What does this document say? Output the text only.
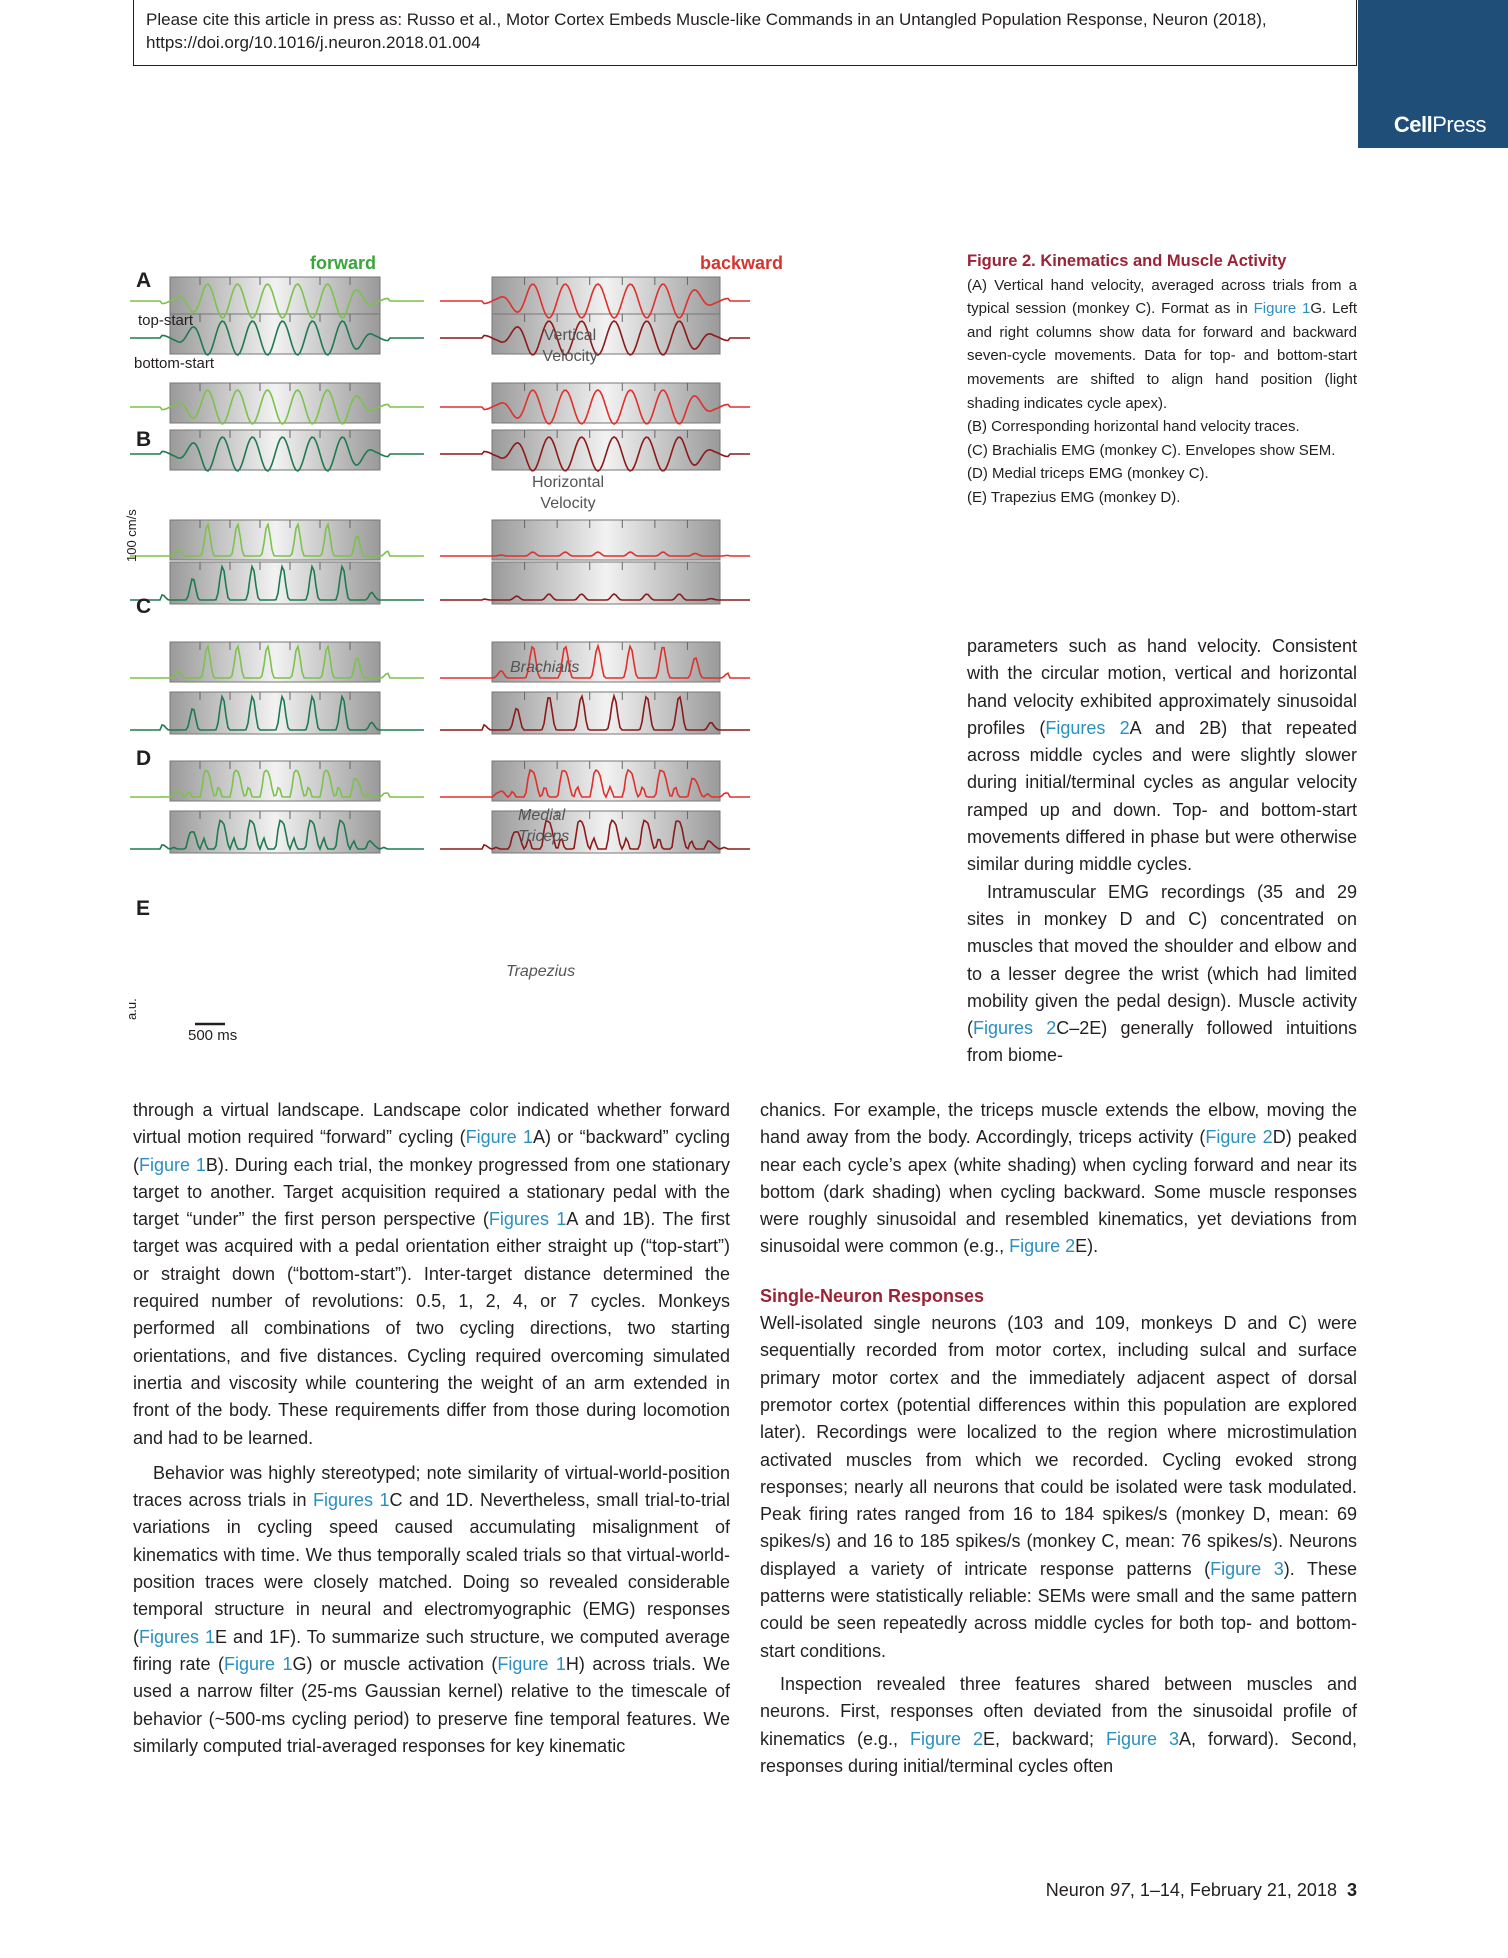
Please cite this article in press as: Russo et al., Motor Cortex Embeds Muscle-like Commands in an Untangled Population Response, Neuron (2018), https://doi.org/10.1016/j.neuron.2018.01.004
CellPress
forward	backward
A
B
C
D
E
top-start
bottom-start
Vertical
Velocity
Horizontal
Velocity
Brachialis
Medial
Triceps
Trapezius
100 cm/s
a.u.
500 ms

Figure 2. Kinematics and Muscle Activity

(A) Vertical hand velocity, averaged across trials from a typical session (monkey C). Format as in Figure 1G. Left and right columns show data for forward and backward seven-cycle movements. Data for top- and bottom-start movements are shifted to align hand position (light shading indicates cycle apex).

(B) Corresponding horizontal hand velocity traces.

(C) Brachialis EMG (monkey C). Envelopes show SEM.

(D) Medial triceps EMG (monkey C).

(E) Trapezius EMG (monkey D).

parameters such as hand velocity. Consistent with the circular motion, vertical and horizontal hand velocity exhibited approximately sinusoidal profiles (Figures 2A and 2B) that repeated across middle cycles and were slightly slower during initial/terminal cycles as angular velocity ramped up and down. Top- and bottom-start movements differed in phase but were otherwise similar during middle cycles.

Intramuscular EMG recordings (35 and 29 sites in monkey D and C) concentrated on muscles that moved the shoulder and elbow and to a lesser degree the wrist (which had limited mobility given the pedal design). Muscle activity (Figures 2C–2E) generally followed intuitions from biome-

through a virtual landscape. Landscape color indicated whether forward virtual motion required “forward” cycling (Figure 1A) or “backward” cycling (Figure 1B). During each trial, the monkey progressed from one stationary target to another. Target acquisition required a stationary pedal with the target “under” the first person perspective (Figures 1A and 1B). The first target was acquired with a pedal orientation either straight up (“top-start”) or straight down (“bottom-start”). Inter-target distance determined the required number of revolutions: 0.5, 1, 2, 4, or 7 cycles. Monkeys performed all combinations of two cycling directions, two starting orientations, and five distances. Cycling required overcoming simulated inertia and viscosity while countering the weight of an arm extended in front of the body. These requirements differ from those during locomotion and had to be learned.

Behavior was highly stereotyped; note similarity of virtual-world-position traces across trials in Figures 1C and 1D. Nevertheless, small trial-to-trial variations in cycling speed caused accumulating misalignment of kinematics with time. We thus temporally scaled trials so that virtual-world-position traces were closely matched. Doing so revealed considerable temporal structure in neural and electromyographic (EMG) responses (Figures 1E and 1F). To summarize such structure, we computed average firing rate (Figure 1G) or muscle activation (Figure 1H) across trials. We used a narrow filter (25-ms Gaussian kernel) relative to the timescale of behavior (~500-ms cycling period) to preserve fine temporal features. We similarly computed trial-averaged responses for key kinematic

chanics. For example, the triceps muscle extends the elbow, moving the hand away from the body. Accordingly, triceps activity (Figure 2D) peaked near each cycle’s apex (white shading) when cycling forward and near its bottom (dark shading) when cycling backward. Some muscle responses were roughly sinusoidal and resembled kinematics, yet deviations from sinusoidal were common (e.g., Figure 2E).

Single-Neuron Responses

Well-isolated single neurons (103 and 109, monkeys D and C) were sequentially recorded from motor cortex, including sulcal and surface primary motor cortex and the immediately adjacent aspect of dorsal premotor cortex (potential differences within this population are explored later). Recordings were localized to the region where microstimulation activated muscles from which we recorded. Cycling evoked strong responses; nearly all neurons that could be isolated were task modulated. Peak firing rates ranged from 16 to 184 spikes/s (monkey D, mean: 69 spikes/s) and 16 to 185 spikes/s (monkey C, mean: 76 spikes/s). Neurons displayed a variety of intricate response patterns (Figure 3). These patterns were statistically reliable: SEMs were small and the same pattern could be seen repeatedly across middle cycles for both top- and bottom-start conditions.

Inspection revealed three features shared between muscles and neurons. First, responses often deviated from the sinusoidal profile of kinematics (e.g., Figure 2E, backward; Figure 3A, forward). Second, responses during initial/terminal cycles often

Neuron 97, 1–14, February 21, 2018 3
